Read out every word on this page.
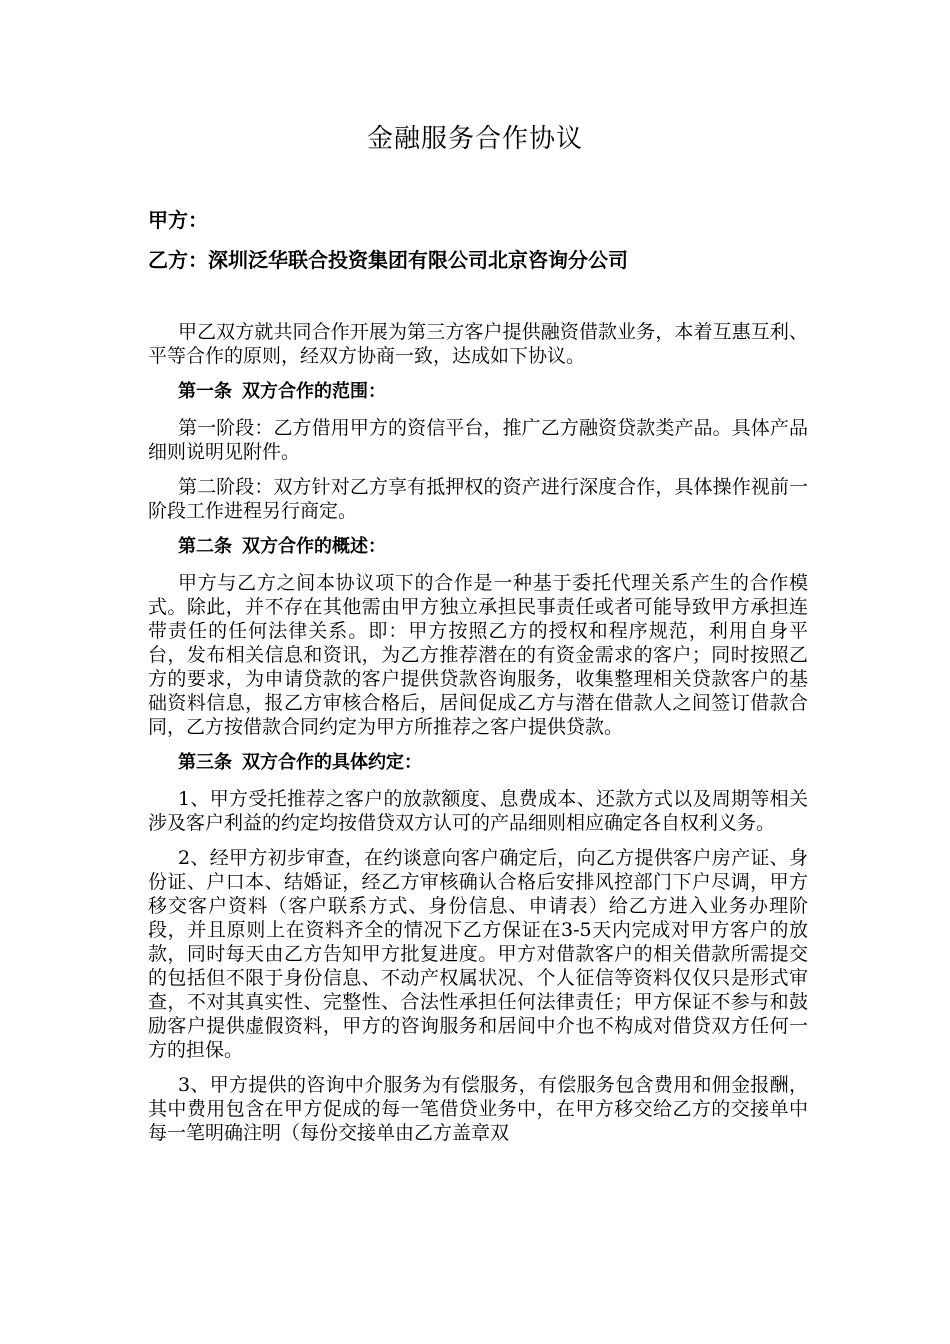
金融服务合作协议
甲方：
乙方：深圳泛华联合投资集团有限公司北京咨询分公司

甲乙双方就共同合作开展为第三方客户提供融资借款业务，本着互惠互利、平等合作的原则，经双方协商一致，达成如下协议。

第一条 双方合作的范围：

第一阶段：乙方借用甲方的资信平台，推广乙方融资贷款类产品。具体产品细则说明见附件。

第二阶段：双方针对乙方享有抵押权的资产进行深度合作，具体操作视前一阶段工作进程另行商定。

第二条 双方合作的概述：

甲方与乙方之间本协议项下的合作是一种基于委托代理关系产生的合作模式。除此，并不存在其他需由甲方独立承担民事责任或者可能导致甲方承担连带责任的任何法律关系。即：甲方按照乙方的授权和程序规范，利用自身平台，发布相关信息和资讯，为乙方推荐潜在的有资金需求的客户；同时按照乙方的要求，为申请贷款的客户提供贷款咨询服务，收集整理相关贷款客户的基础资料信息，报乙方审核合格后，居间促成乙方与潜在借款人之间签订借款合同，乙方按借款合同约定为甲方所推荐之客户提供贷款。

第三条 双方合作的具体约定：

1、甲方受托推荐之客户的放款额度、息费成本、还款方式以及周期等相关涉及客户利益的约定均按借贷双方认可的产品细则相应确定各自权利义务。

2、经甲方初步审查，在约谈意向客户确定后，向乙方提供客户房产证、身份证、户口本、结婚证，经乙方审核确认合格后安排风控部门下户尽调，甲方移交客户资料（客户联系方式、身份信息、申请表）给乙方进入业务办理阶段，并且原则上在资料齐全的情况下乙方保证在3-5天内完成对甲方客户的放款，同时每天由乙方告知甲方批复进度。甲方对借款客户的相关借款所需提交的包括但不限于身份信息、不动产权属状况、个人征信等资料仅仅只是形式审查，不对其真实性、完整性、合法性承担任何法律责任；甲方保证不参与和鼓励客户提供虚假资料，甲方的咨询服务和居间中介也不构成对借贷双方任何一方的担保。

3、甲方提供的咨询中介服务为有偿服务，有偿服务包含费用和佣金报酬，其中费用包含在甲方促成的每一笔借贷业务中，在甲方移交给乙方的交接单中每一笔明确注明（每份交接单由乙方盖章双
